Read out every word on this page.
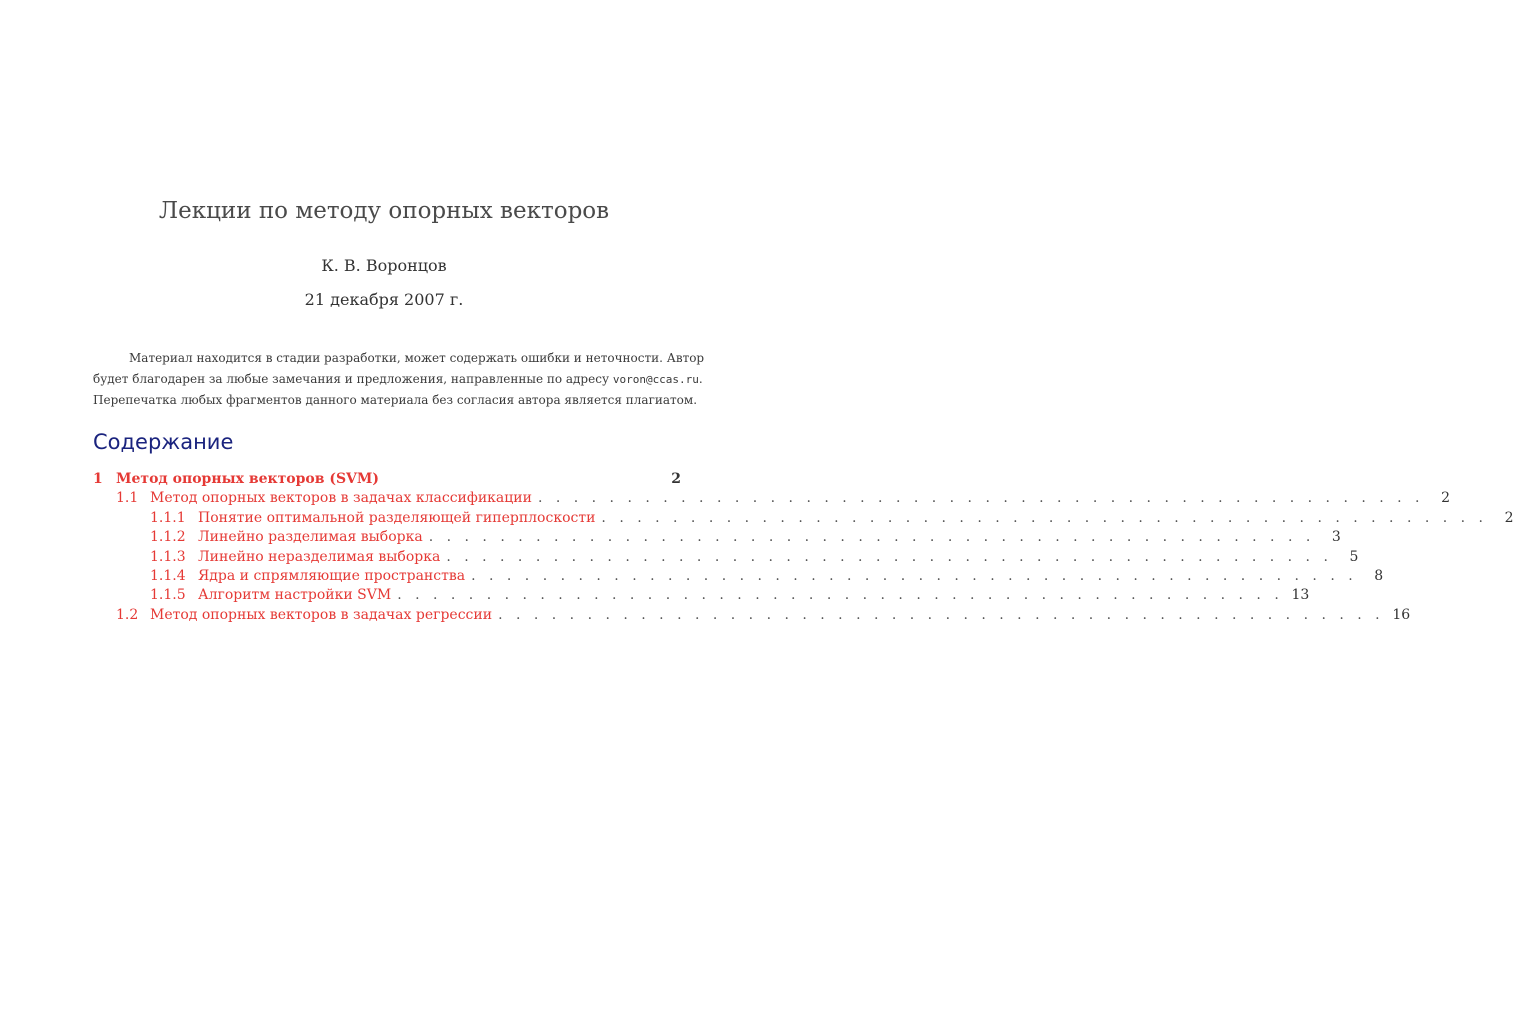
Лекции по методу опорных векторов
К. В. Воронцов
21 декабря 2007 г.
Материал находится в стадии разработки, может содержать ошибки и неточности. Автор
будет благодарен за любые замечания и предложения, направленные по адресу voron@ccas.ru.
Перепечатка любых фрагментов данного материала без согласия автора является плагиатом.
Содержание
1 Метод опорных векторов (SVM)	2
1.1 Метод опорных векторов в задачах классификации . . . . . . . . . . . . . . . . . . . . . . . . . . . . . . . . . . . . . . . . . . . . . . . . . .	2
1.1.1 Понятие оптимальной разделяющей гиперплоскости . . . . . . . . . . . . . . . . . . . . . . . . . . . . . . . . . . . . . . . . . . . . . . . . . .	2
1.1.2 Линейно разделимая выборка . . . . . . . . . . . . . . . . . . . . . . . . . . . . . . . . . . . . . . . . . . . . . . . . . .	3
1.1.3 Линейно неразделимая выборка . . . . . . . . . . . . . . . . . . . . . . . . . . . . . . . . . . . . . . . . . . . . . . . . . .	5
1.1.4 Ядра и спрямляющие пространства . . . . . . . . . . . . . . . . . . . . . . . . . . . . . . . . . . . . . . . . . . . . . . . . . .	8
1.1.5 Алгоритм настройки SVM . . . . . . . . . . . . . . . . . . . . . . . . . . . . . . . . . . . . . . . . . . . . . . . . . . 13
1.2 Метод опорных векторов в задачах регрессии . . . . . . . . . . . . . . . . . . . . . . . . . . . . . . . . . . . . . . . . . . . . . . . . . . 16
